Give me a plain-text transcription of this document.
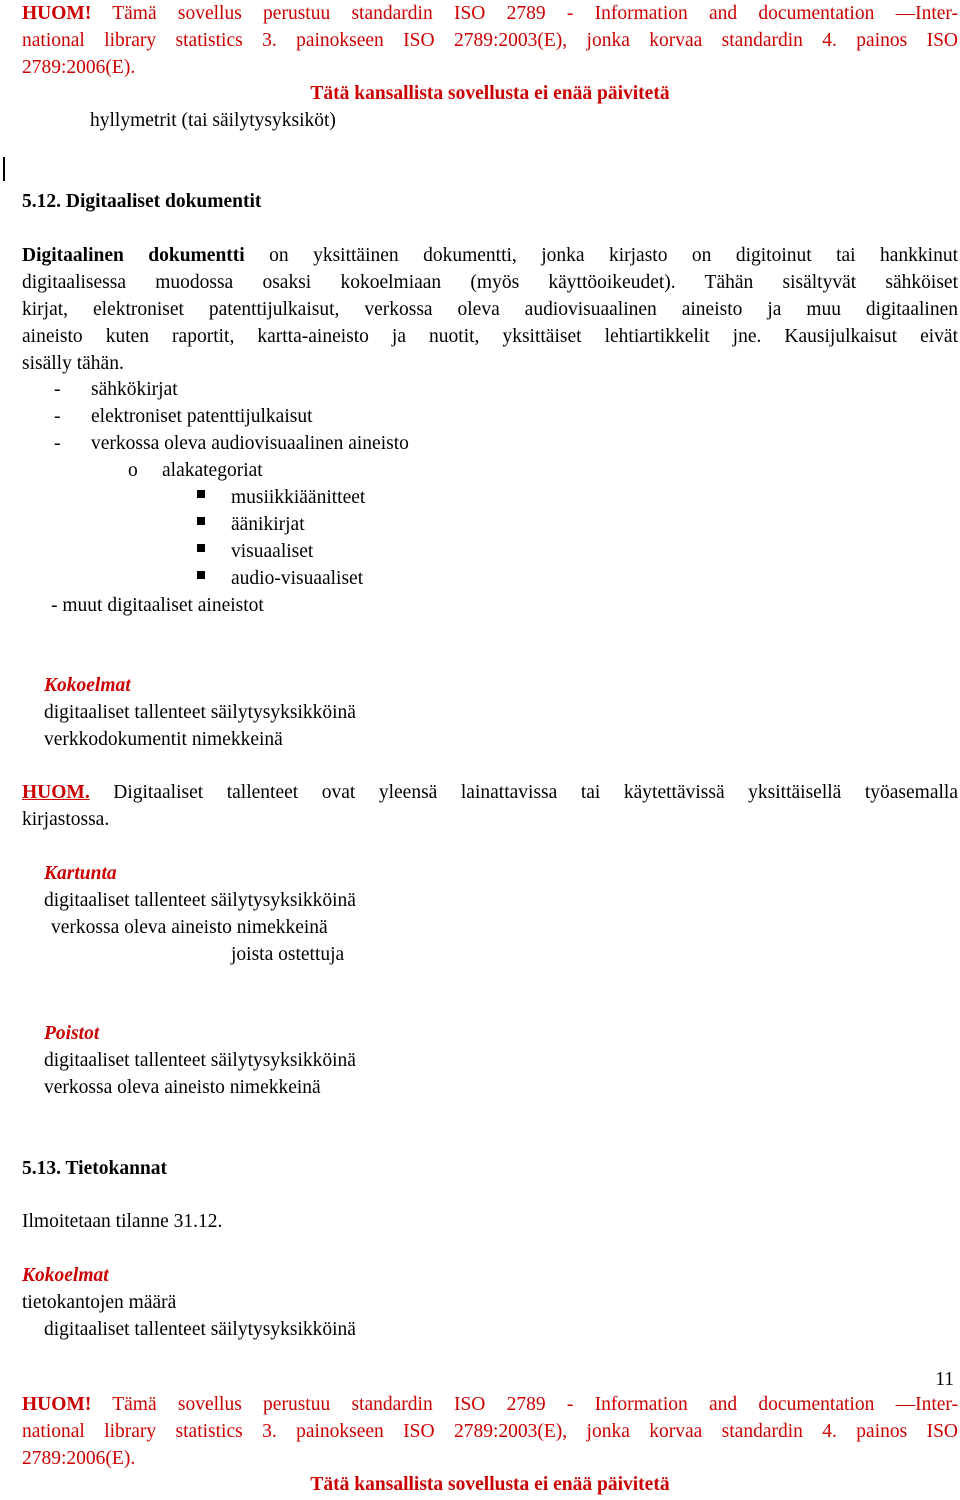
HUOM! Tämä sovellus perustuu standardin ISO 2789 - Information and documentation —Inter-
national library statistics 3. painokseen ISO 2789:2003(E), jonka korvaa standardin 4. painos ISO
2789:2006(E).
Tätä kansallista sovellusta ei enää päivitetä
hyllymetrit (tai säilytysyksiköt)
5.12. Digitaaliset dokumentit
Digitaalinen dokumentti on yksittäinen dokumentti, jonka kirjasto on digitoinut tai hankkinut
digitaalisessa muodossa osaksi kokoelmiaan (myös käyttöoikeudet). Tähän sisältyvät sähköiset
kirjat, elektroniset patenttijulkaisut, verkossa oleva audiovisuaalinen aineisto ja muu digitaalinen
aineisto kuten raportit, kartta-aineisto ja nuotit, yksittäiset lehtiartikkelit jne. Kausijulkaisut eivät
sisälly tähän.
- sähkökirjat
- elektroniset patenttijulkaisut
- verkossa oleva audiovisuaalinen aineisto
o alakategoriat
musiikkiäänitteet
äänikirjat
visuaaliset
audio-visuaaliset
- muut digitaaliset aineistot
Kokoelmat
digitaaliset tallenteet säilytysyksikköinä
verkkodokumentit nimekkeinä
HUOM. Digitaaliset tallenteet ovat yleensä lainattavissa tai käytettävissä yksittäisellä työasemalla
kirjastossa.
Kartunta
digitaaliset tallenteet säilytysyksikköinä
verkossa oleva aineisto nimekkeinä
joista ostettuja
Poistot
digitaaliset tallenteet säilytysyksikköinä
verkossa oleva aineisto nimekkeinä
5.13. Tietokannat
Ilmoitetaan tilanne 31.12.
Kokoelmat
tietokantojen määrä
digitaaliset tallenteet säilytysyksikköinä
11
HUOM! Tämä sovellus perustuu standardin ISO 2789 - Information and documentation —Inter-
national library statistics 3. painokseen ISO 2789:2003(E), jonka korvaa standardin 4. painos ISO
2789:2006(E).
Tätä kansallista sovellusta ei enää päivitetä
